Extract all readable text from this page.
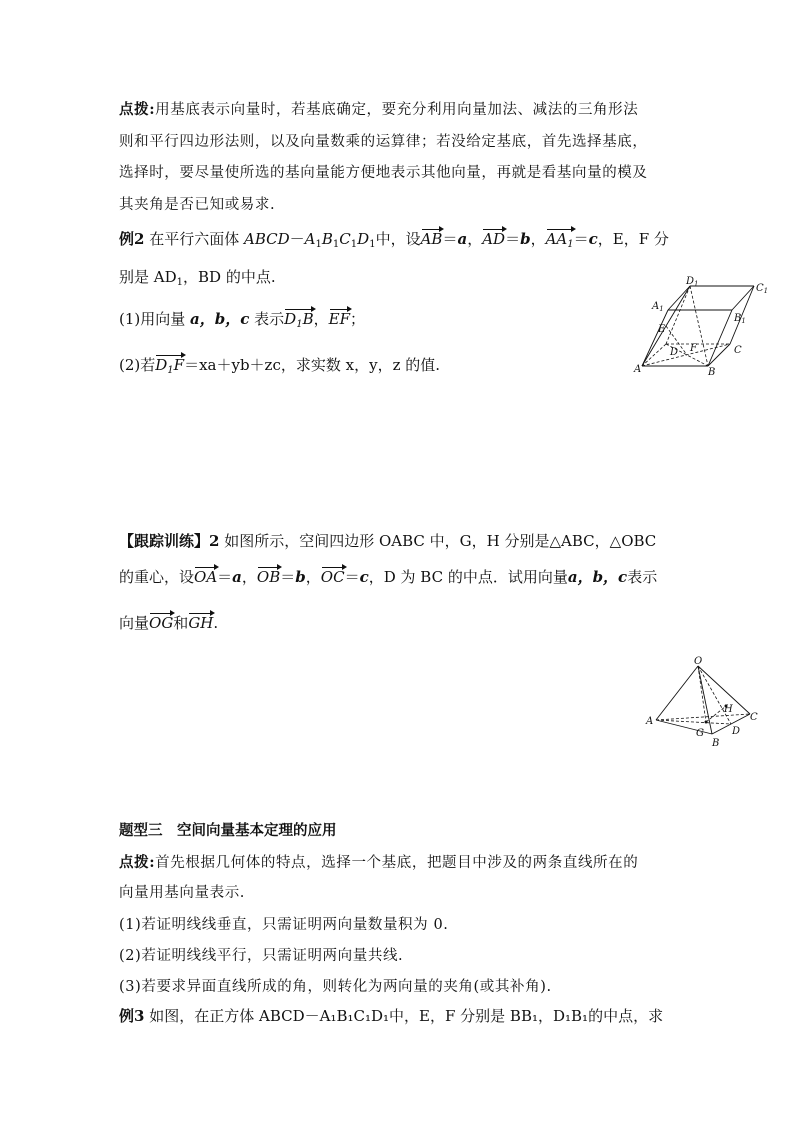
点拨:用基底表示向量时，若基底确定，要充分利用向量加法、减法的三角形法
则和平行四边形法则，以及向量数乘的运算律；若没给定基底，首先选择基底，
选择时，要尽量使所选的基向量能方便地表示其他向量，再就是看基向量的模及
其夹角是否已知或易求.
例2 在平行六面体 $ABCD-A_1B_1C_1D_1$中，设AB＝a，AD＝b，$AA_1=c$，E，F 分
别是 $AD_1$，BD 的中点.
(1)用向量 a，b，c 表示$D_1B$，EF；
(2)若$D_1F=xa+yb+zc$，求实数 x，y，z 的值.
$D_1$	$C_1$
$A_1$
$B_1$
E
F
D	C
A	B
【跟踪训练】2 如图所示，空间四边形 OABC 中，G，H 分别是△ABC，△OBC
的重心，设OA＝a，OB＝b，OC＝c，D 为 BC 的中点．试用向量a，b，c表示
向量OG和GH.
O
H
C
A
G	D
B
题型三　空间向量基本定理的应用
点拨:首先根据几何体的特点，选择一个基底，把题目中涉及的两条直线所在的
向量用基向量表示.
(1)若证明线线垂直，只需证明两向量数量积为 0.
(2)若证明线线平行，只需证明两向量共线.
(3)若要求异面直线所成的角，则转化为两向量的夹角(或其补角).
例3 如图，在正方体 ABCD－A₁B₁C₁D₁中，E，F 分别是 BB₁，D₁B₁的中点，求
